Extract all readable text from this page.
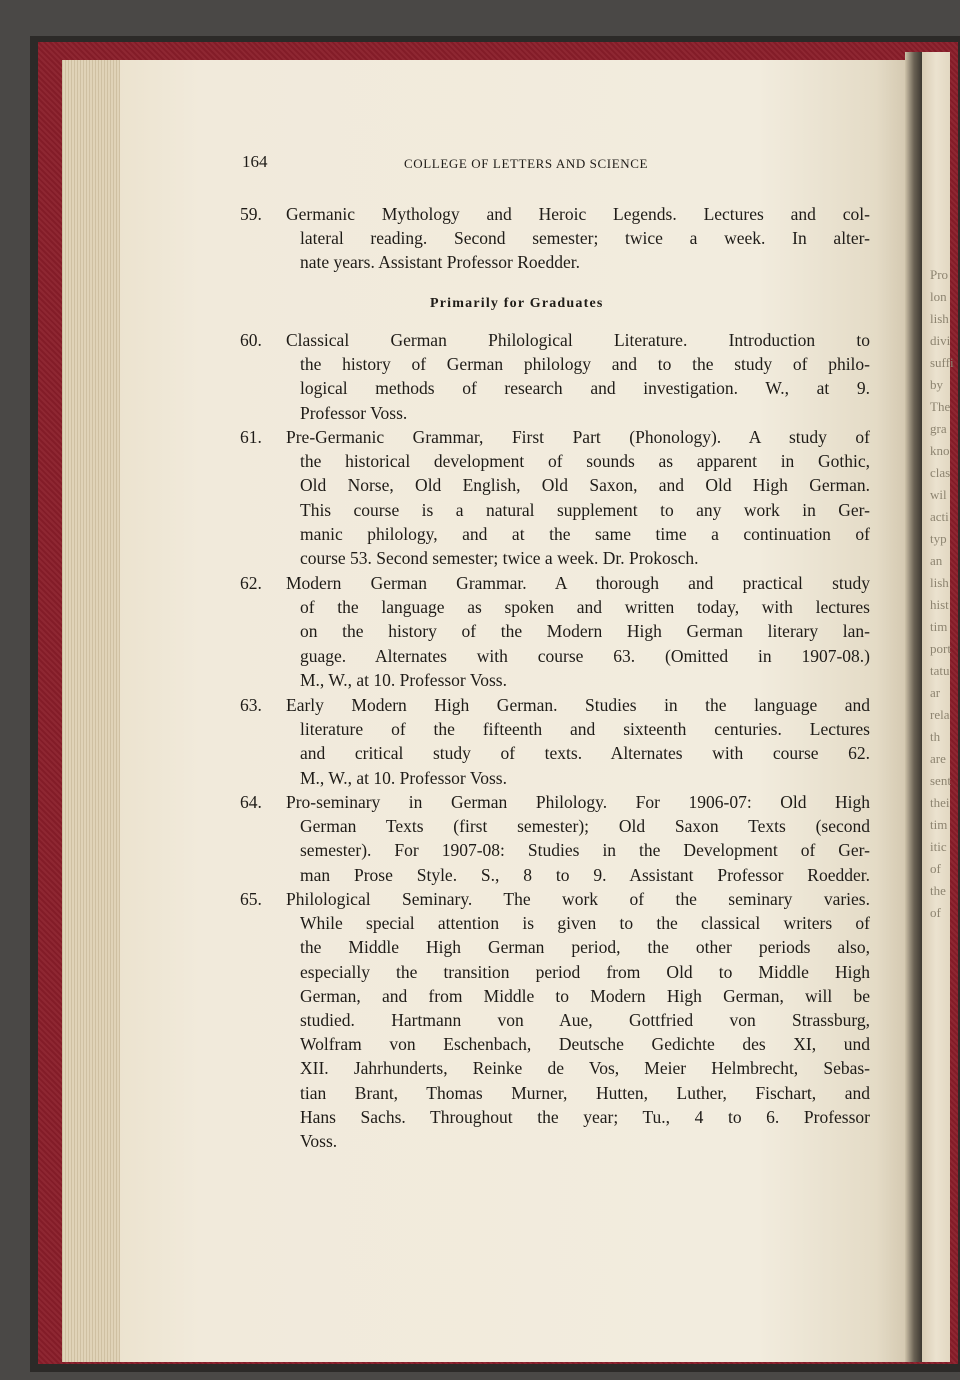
Pro
lon
lish
divi
suffi
by
The
gra
kno
clas
wil
acti
typ
an
lish
hist
tim
port
tatu
ar
rela
th
are
sent
thei
tim
itic
of
the
of
164	COLLEGE OF LETTERS AND SCIENCE
59. Germanic Mythology and Heroic Legends. Lectures and col-
lateral reading. Second semester; twice a week. In alter-
nate years. Assistant Professor Roedder.
Primarily for Graduates
60. Classical German Philological Literature. Introduction to
the history of German philology and to the study of philo-
logical methods of research and investigation. W., at 9.
Professor Voss.
61. Pre-Germanic Grammar, First Part (Phonology). A study of
the historical development of sounds as apparent in Gothic,
Old Norse, Old English, Old Saxon, and Old High German.
This course is a natural supplement to any work in Ger-
manic philology, and at the same time a continuation of
course 53. Second semester; twice a week. Dr. Prokosch.
62. Modern German Grammar. A thorough and practical study
of the language as spoken and written today, with lectures
on the history of the Modern High German literary lan-
guage. Alternates with course 63. (Omitted in 1907-08.)
M., W., at 10. Professor Voss.
63. Early Modern High German. Studies in the language and
literature of the fifteenth and sixteenth centuries. Lectures
and critical study of texts. Alternates with course 62.
M., W., at 10. Professor Voss.
64. Pro-seminary in German Philology. For 1906-07: Old High
German Texts (first semester); Old Saxon Texts (second
semester). For 1907-08: Studies in the Development of Ger-
man Prose Style. S., 8 to 9. Assistant Professor Roedder.
65. Philological Seminary. The work of the seminary varies.
While special attention is given to the classical writers of
the Middle High German period, the other periods also,
especially the transition period from Old to Middle High
German, and from Middle to Modern High German, will be
studied. Hartmann von Aue, Gottfried von Strassburg,
Wolfram von Eschenbach, Deutsche Gedichte des XI, und
XII. Jahrhunderts, Reinke de Vos, Meier Helmbrecht, Sebas-
tian Brant, Thomas Murner, Hutten, Luther, Fischart, and
Hans Sachs. Throughout the year; Tu., 4 to 6. Professor
Voss.
